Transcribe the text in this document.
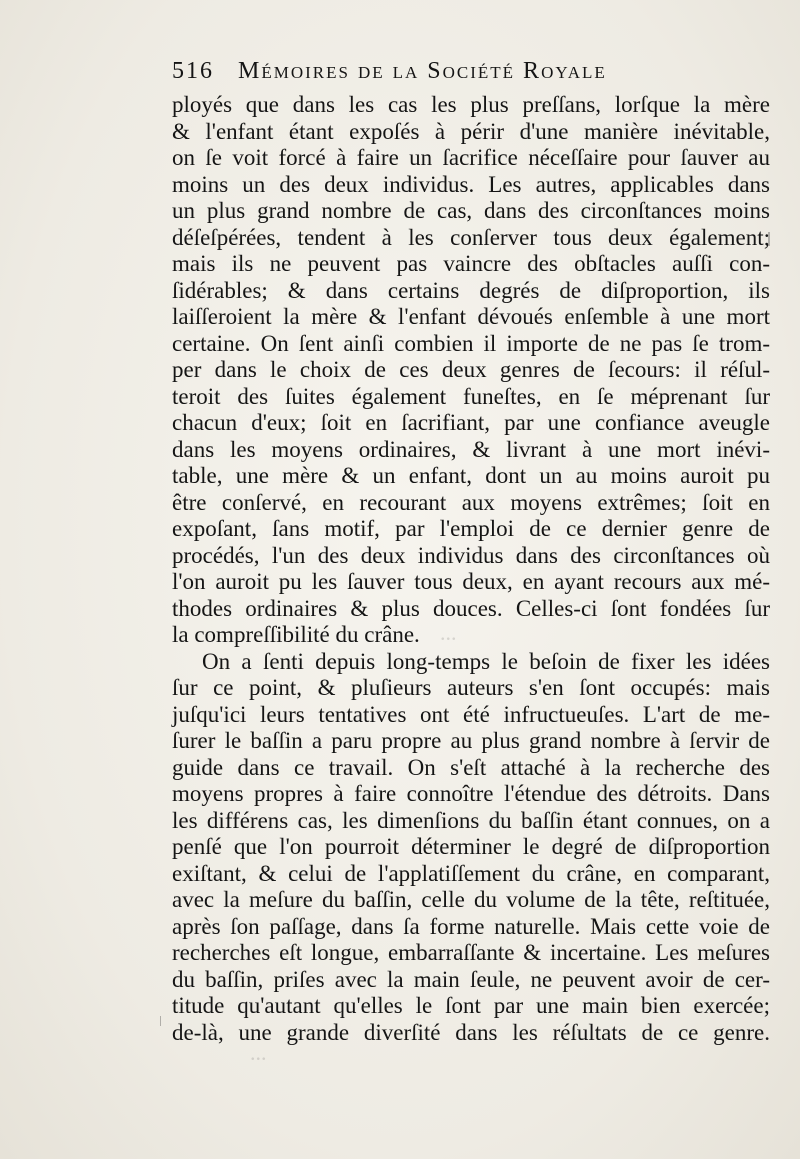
...
...
516 Mémoires de la Société Royale
ployés que dans les cas les plus preſſans, lorſque la mère
& l'enfant étant expoſés à périr d'une manière inévitable,
on ſe voit forcé à faire un ſacrifice néceſſaire pour ſauver au
moins un des deux individus. Les autres, applicables dans
un plus grand nombre de cas, dans des circonſtances moins
déſeſpérées, tendent à les conſerver tous deux également;
mais ils ne peuvent pas vaincre des obſtacles auſſi con-
ſidérables; & dans certains degrés de diſproportion, ils
laiſſeroient la mère & l'enfant dévoués enſemble à une mort
certaine. On ſent ainſi combien il importe de ne pas ſe trom-
per dans le choix de ces deux genres de ſecours: il réſul-
teroit des ſuites également funeſtes, en ſe méprenant ſur
chacun d'eux; ſoit en ſacrifiant, par une confiance aveugle
dans les moyens ordinaires, & livrant à une mort inévi-
table, une mère & un enfant, dont un au moins auroit pu
être conſervé, en recourant aux moyens extrêmes; ſoit en
expoſant, ſans motif, par l'emploi de ce dernier genre de
procédés, l'un des deux individus dans des circonſtances où
l'on auroit pu les ſauver tous deux, en ayant recours aux mé-
thodes ordinaires & plus douces. Celles-ci ſont fondées ſur
la compreſſibilité du crâne.
On a ſenti depuis long-temps le beſoin de fixer les idées
ſur ce point, & pluſieurs auteurs s'en ſont occupés: mais
juſqu'ici leurs tentatives ont été infructueuſes. L'art de me-
ſurer le baſſin a paru propre au plus grand nombre à ſervir de
guide dans ce travail. On s'eſt attaché à la recherche des
moyens propres à faire connoître l'étendue des détroits. Dans
les différens cas, les dimenſions du baſſin étant connues, on a
penſé que l'on pourroit déterminer le degré de diſproportion
exiſtant, & celui de l'applatiſſement du crâne, en comparant,
avec la meſure du baſſin, celle du volume de la tête, reſtituée,
après ſon paſſage, dans ſa forme naturelle. Mais cette voie de
recherches eſt longue, embarraſſante & incertaine. Les meſures
du baſſin, priſes avec la main ſeule, ne peuvent avoir de cer-
titude qu'autant qu'elles le ſont par une main bien exercée;
de-là, une grande diverſité dans les réſultats de ce genre.
